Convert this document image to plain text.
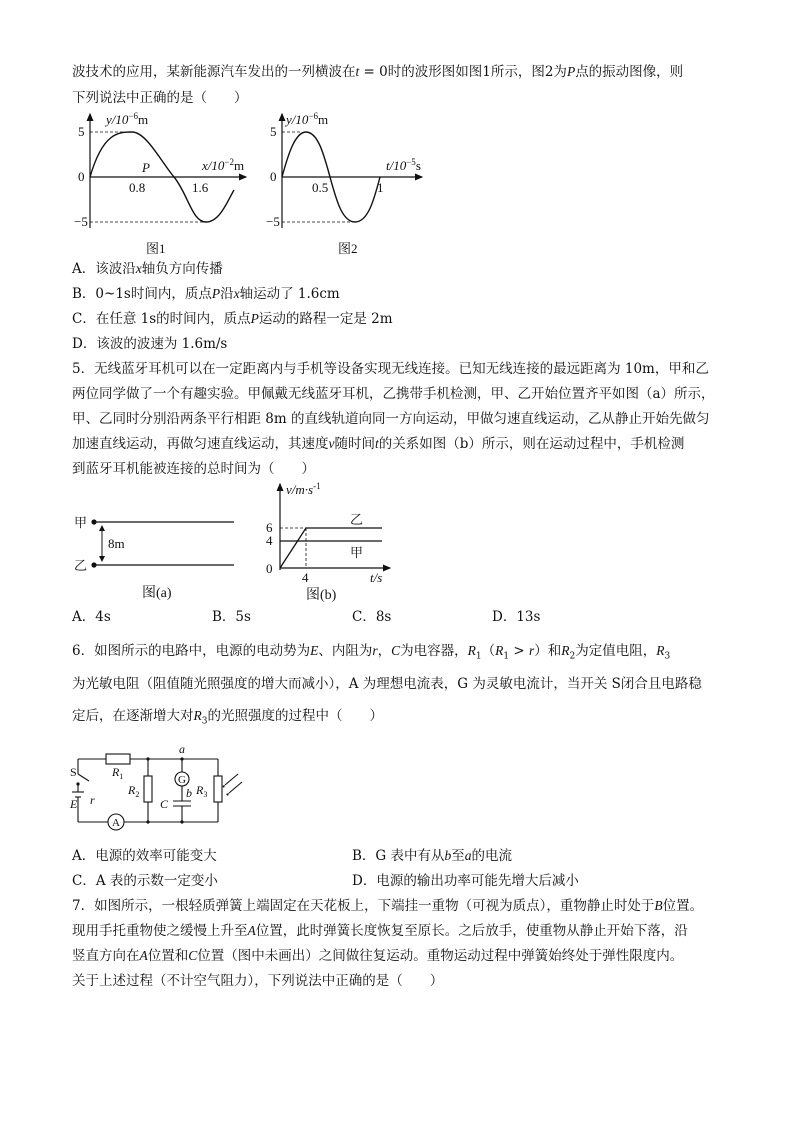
波技术的应用，某新能源汽车发出的一列横波在t = 0时的波形图如图1所示，图2为P点的振动图像，则
下列说法中正确的是（　　）
$y/10^{-6}m$
$x/10^{-2}m$
5
0
−5
P
0.8	1.6
图1
$y/10^{-6}m$
$t/10^{-5}s$
5
0
−5
0.5	1
图2
A．该波沿x轴负方向传播
B．0~1s时间内，质点P沿x轴运动了 1.6cm
C．在任意 1s的时间内，质点P运动的路程一定是 2m
D．该波的波速为 1.6m/s
5．无线蓝牙耳机可以在一定距离内与手机等设备实现无线连接。已知无线连接的最远距离为 10m，甲和乙
两位同学做了一个有趣实验。甲佩戴无线蓝牙耳机，乙携带手机检测，甲、乙开始位置齐平如图（a）所示，
甲、乙同时分别沿两条平行相距 8m 的直线轨道向同一方向运动，甲做匀速直线运动，乙从静止开始先做匀
加速直线运动，再做匀速直线运动，其速度v随时间t的关系如图（b）所示，则在运动过程中，手机检测
到蓝牙耳机能被连接的总时间为（　　）
甲
乙
8m
图(a)
$v/m\cdot s^{-1}$
6
4
0
4	t/s
乙
甲
图(b)
A．4s	B．5s	C．8s	D．13s
6．如图所示的电路中，电源的电动势为E、内阻为r，C为电容器，$R_1(R_1 > r)$和$R_2$为定值电阻，$R_3$
为光敏电阻（阻值随光照强度的增大而减小），A 为理想电流表，G 为灵敏电流计，当开关 S闭合且电路稳
定后，在逐渐增大对$R_3$的光照强度的过程中（　　）
S
E r
$R_1$
$R_2$
G
a
b
C
$R_3$
A
A．电源的效率可能变大	B．G 表中有从b至a的电流
C．A 表的示数一定变小	D．电源的输出功率可能先增大后减小
7．如图所示，一根轻质弹簧上端固定在天花板上，下端挂一重物（可视为质点），重物静止时处于B位置。
现用手托重物使之缓慢上升至A位置，此时弹簧长度恢复至原长。之后放手，使重物从静止开始下落，沿
竖直方向在A位置和C位置（图中未画出）之间做往复运动。重物运动过程中弹簧始终处于弹性限度内。
关于上述过程（不计空气阻力），下列说法中正确的是（　　）
